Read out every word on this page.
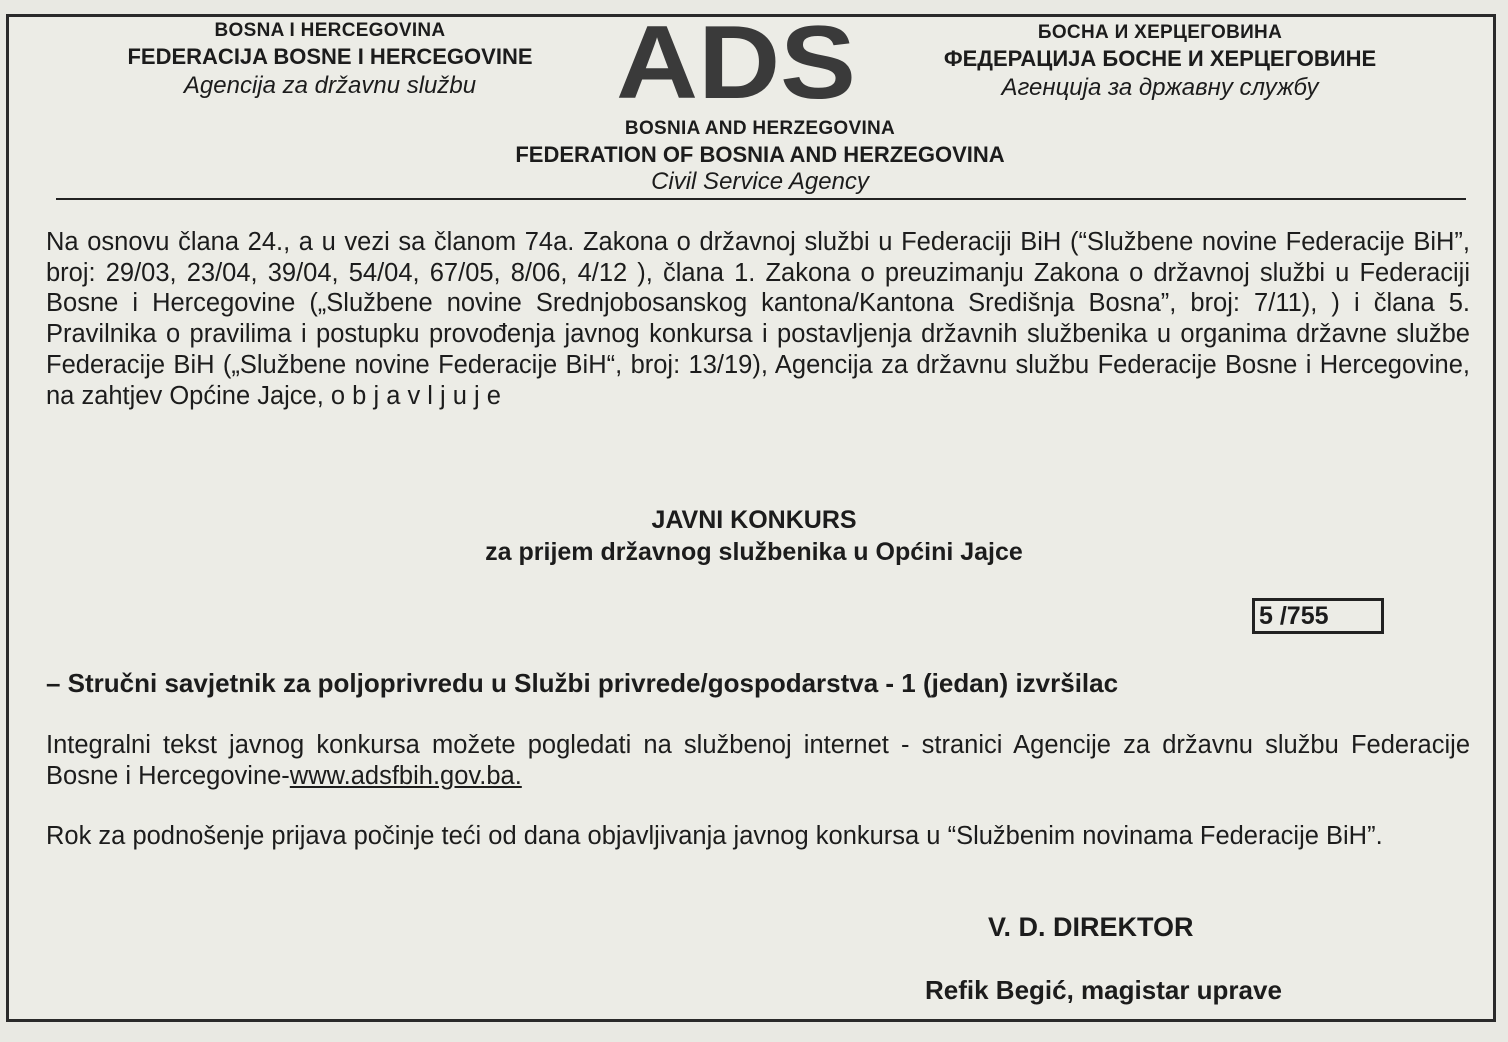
BOSNA I HERCEGOVINA
FEDERACIJA BOSNE I HERCEGOVINE
Agencija za državnu službu	ADS	БОСНА И ХЕРЦЕГОВИНА
ФЕДЕРАЦИЈА БОСНЕ И ХЕРЦЕГОВИНЕ
Агенција за државну службу
BOSNIA AND HERZEGOVINA
FEDERATION OF BOSNIA AND HERZEGOVINA
Civil Service Agency
Na osnovu člana 24., a u vezi sa članom 74a. Zakona o državnoj službi u Federaciji BiH (“Službene novine Federacije BiH”, broj: 29/03, 23/04, 39/04, 54/04, 67/05, 8/06, 4/12 ), člana 1. Zakona o preuzimanju Zakona o državnoj službi u Federaciji Bosne i Hercegovine („Službene novine Srednjobosanskog kantona/Kantona Središnja Bosna”, broj: 7/11), ) i člana 5. Pravilnika o pravilima i postupku provođenja javnog konkursa i postavljenja državnih službenika u organima državne službe Federacije BiH („Službene novine Federacije BiH“, broj: 13/19), Agencija za državnu službu Federacije Bosne i Hercegovine, na zahtjev Općine Jajce, o b j a v l j u j e
JAVNI KONKURS
za prijem državnog službenika u Općini Jajce
5 /755
– Stručni savjetnik za poljoprivredu u Službi privrede/gospodarstva - 1 (jedan) izvršilac
Integralni tekst javnog konkursa možete pogledati na službenoj internet - stranici Agencije za državnu službu Federacije Bosne i Hercegovine-www.adsfbih.gov.ba.
Rok za podnošenje prijava počinje teći od dana objavljivanja javnog konkursa u “Službenim novinama Federacije BiH”.
V. D. DIREKTOR
Refik Begić, magistar uprave
